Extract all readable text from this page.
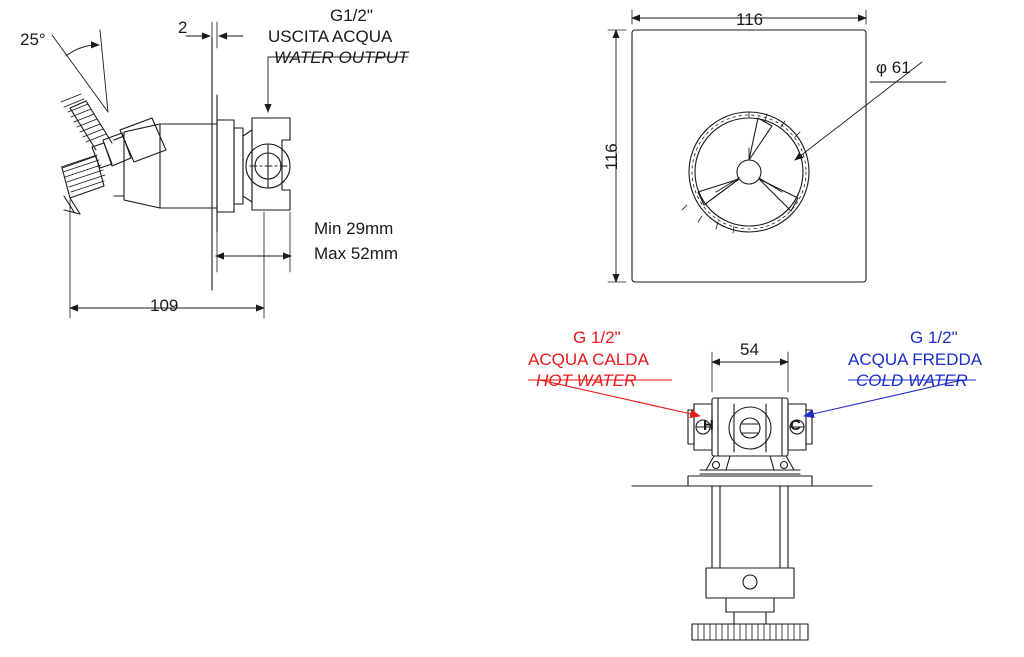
25°
2
G1/2"
USCITA ACQUA
WATER OUTPUT
Min 29mm
Max 52mm
109
116
116
φ 61
G 1/2"
ACQUA CALDA
HOT WATER
G 1/2"
ACQUA FREDDA
COLD WATER
54
H	C
